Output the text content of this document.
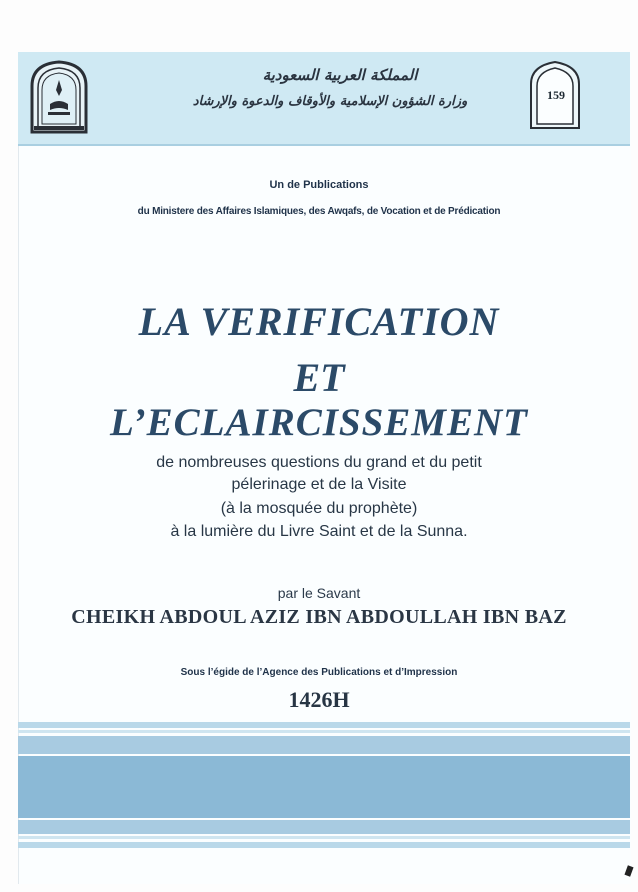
159
المملكة العربية السعودية
وزارة الشؤون الإسلامية والأوقاف والدعوة والإرشاد
Un de Publications
du Ministere des Affaires Islamiques, des Awqafs, de Vocation et de Prédication
LA VERIFICATION
ET
L’ECLAIRCISSEMENT
de nombreuses questions du grand et du petit
pélerinage et de la Visite
(à la mosquée du prophète)
à la lumière du Livre Saint et de la Sunna.
par le Savant
CHEIKH ABDOUL AZIZ IBN ABDOULLAH IBN BAZ
Sous l’égide de l’Agence des Publications et d’Impression
1426H
